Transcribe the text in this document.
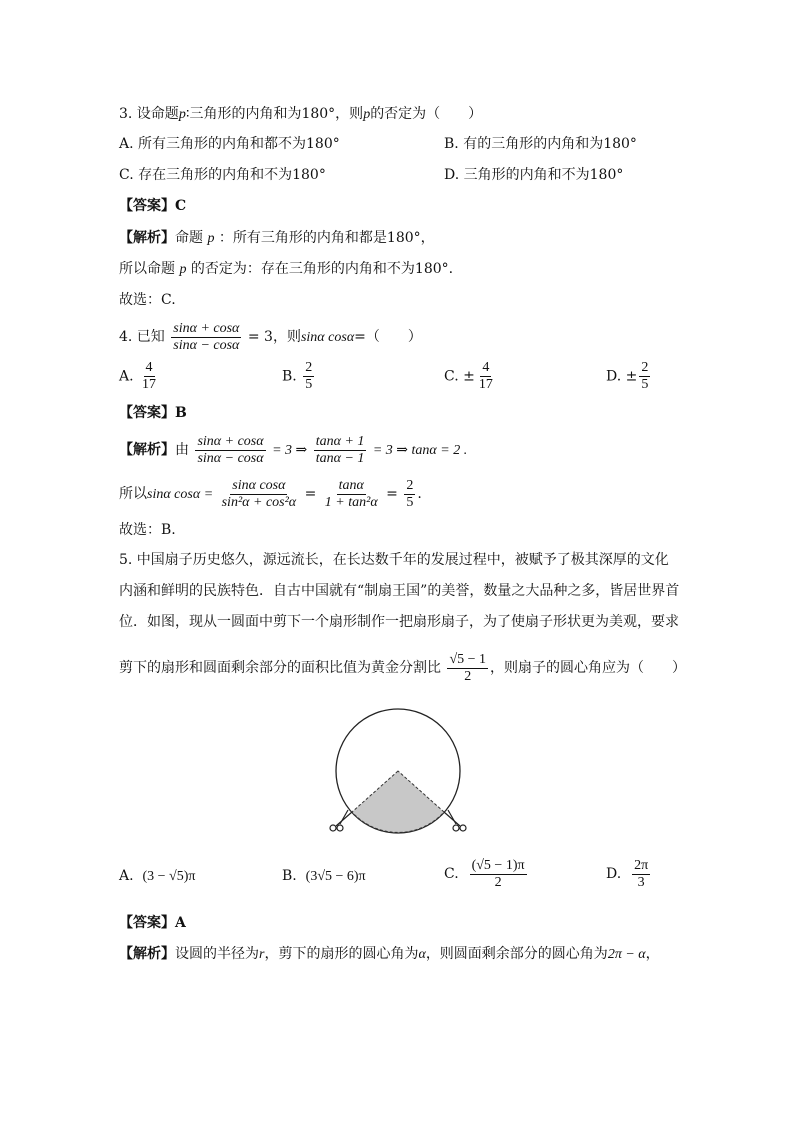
3. 设命题p∶三角形的内角和为180°，则p的否定为（　　）
A. 所有三角形的内角和都不为180°	B. 有的三角形的内角和为180°
C. 存在三角形的内角和不为180°	D. 三角形的内角和不为180°
【答案】C
【解析】命题 p ：所有三角形的内角和都是180°，
所以命题 p 的否定为：存在三角形的内角和不为180°.
故选：C.
4. 已知 $\frac{\sin\alpha + \cos\alpha}{\sin\alpha - \cos\alpha} = 3$，则sinα cosα=（　　）
A. $\frac{4}{17}$	B. $\frac{2}{5}$	C. ± $\frac{4}{17}$	D. ± $\frac{2}{5}$
【答案】B
【解析】由 $\frac{\sin\alpha + \cos\alpha}{\sin\alpha - \cos\alpha} = 3$ ⇒ $\frac{\tan\alpha + 1}{\tan\alpha - 1} = 3$ ⇒ tanα = 2 .
所以sinα $\cos\alpha = \frac{\text{sinα cosα}}{\text{sin²α + cos²α}} = \frac{\tan\alpha}{\text{1 + tan²α}} = \frac{2}{5}$ .
故选：B.
5. 中国扇子历史悠久，源远流长，在长达数千年的发展过程中，被赋予了极其深厚的文化
内涵和鲜明的民族特色．自古中国就有“制扇王国”的美誉，数量之大品种之多，皆居世界首
位．如图，现从一圆面中剪下一个扇形制作一把扇形扇子，为了使扇子形状更为美观，要求
剪下的扇形和圆面剩余部分的面积比值为黄金分割比 $\frac{√5 - 1}{2}$ ，则扇子的圆心角应为（　　）
A. (3 − √5)π	B. (3√5 − 6)π	C. $\frac{(√5 - 1)\pi}{2}$	D. $\frac{2\pi}{3}$
【答案】A
【解析】设圆的半径为r，剪下的扇形的圆心角为α，则圆面剩余部分的圆心角为2π − α，
